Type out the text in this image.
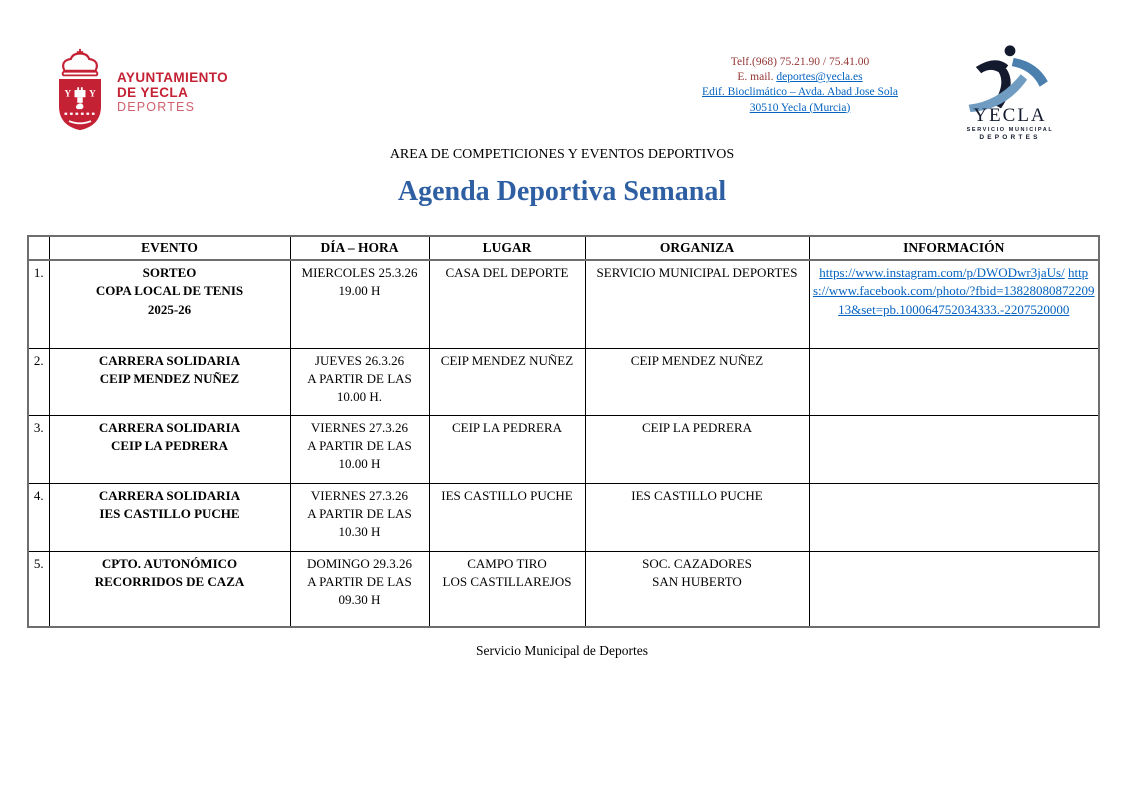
Y Y
AYUNTAMIENTO
DE YECLA
DEPORTES
Telf.(968) 75.21.90 / 75.41.00
E. mail. deportes@yecla.es
Edif. Bioclimático – Avda. Abad Jose Sola
30510 Yecla (Murcia)	YECLA
SERVICIO MUNICIPAL
DEPORTES
AREA DE COMPETICIONES Y EVENTOS DEPORTIVOS
Agenda Deportiva Semanal
	EVENTO	DÍA – HORA	LUGAR	ORGANIZA	INFORMACIÓN
1.	SORTEO
COPA LOCAL DE TENIS
2025-26	MIERCOLES 25.3.26
19.00 H	CASA DEL DEPORTE	SERVICIO MUNICIPAL DEPORTES	https://www.instagram.com/p/DWODwr3jaUs/ https://www.facebook.com/photo/?fbid=1382808087220913&set=pb.100064752034333.-2207520000
2.	CARRERA SOLIDARIA
CEIP MENDEZ NUÑEZ	JUEVES 26.3.26
A PARTIR DE LAS
10.00 H.	CEIP MENDEZ NUÑEZ	CEIP MENDEZ NUÑEZ	
3.	CARRERA SOLIDARIA
CEIP LA PEDRERA	VIERNES 27.3.26
A PARTIR DE LAS
10.00 H	CEIP LA PEDRERA	CEIP LA PEDRERA	
4.	CARRERA SOLIDARIA
IES CASTILLO PUCHE	VIERNES 27.3.26
A PARTIR DE LAS
10.30 H	IES CASTILLO PUCHE	IES CASTILLO PUCHE	
5.	CPTO. AUTONÓMICO
RECORRIDOS DE CAZA	DOMINGO 29.3.26
A PARTIR DE LAS
09.30 H	CAMPO TIRO
LOS CASTILLAREJOS	SOC. CAZADORES
SAN HUBERTO	
Servicio Municipal de Deportes
